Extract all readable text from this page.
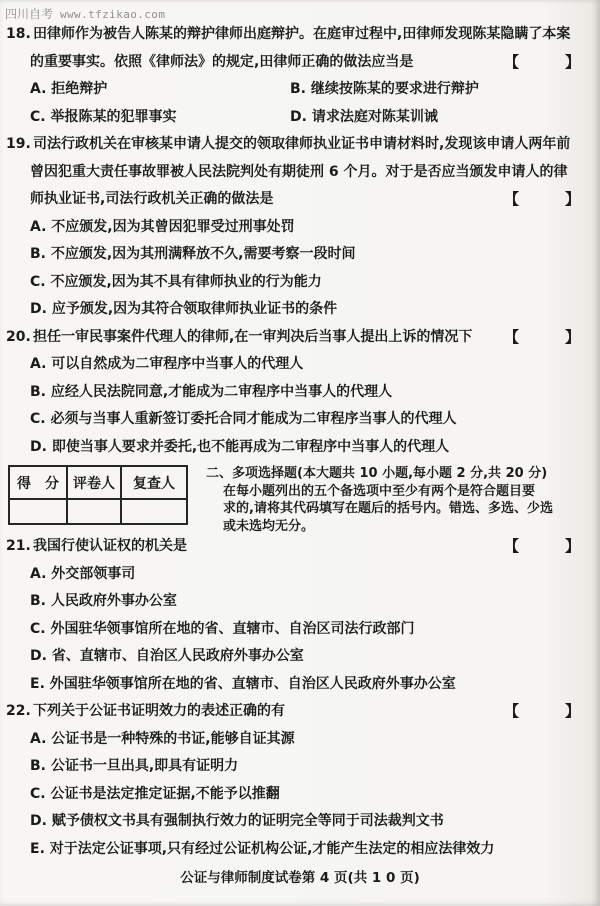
四川自考 www.tfzikao.com
18. 田律师作为被告人陈某的辩护律师出庭辩护。在庭审过程中,田律师发现陈某隐瞒了本案
的重要事实。依照《律师法》的规定,田律师正确的做法应当是	【	】
A. 拒绝辩护	B. 继续按陈某的要求进行辩护
C. 举报陈某的犯罪事实	D. 请求法庭对陈某训诫
19. 司法行政机关在审核某申请人提交的领取律师执业证书申请材料时,发现该申请人两年前
曾因犯重大责任事故罪被人民法院判处有期徒刑 6 个月。对于是否应当颁发申请人的律
师执业证书,司法行政机关正确的做法是	【	】
A. 不应颁发,因为其曾因犯罪受过刑事处罚
B. 不应颁发,因为其刑满释放不久,需要考察一段时间
C. 不应颁发,因为其不具有律师执业的行为能力
D. 应予颁发,因为其符合领取律师执业证书的条件
20. 担任一审民事案件代理人的律师,在一审判决后当事人提出上诉的情况下	【	】
A. 可以自然成为二审程序中当事人的代理人
B. 应经人民法院同意,才能成为二审程序中当事人的代理人
C. 必须与当事人重新签订委托合同才能成为二审程序当事人的代理人
D. 即使当事人要求并委托,也不能再成为二审程序中当事人的代理人
得　分	评卷人	复查人

二、多项选择题(本大题共 10 小题,每小题 2 分,共 20 分)
在每小题列出的五个备选项中至少有两个是符合题目要
求的,请将其代码填写在题后的括号内。错选、多选、少选
或未选均无分。
21. 我国行使认证权的机关是	【	】
A. 外交部领事司
B. 人民政府外事办公室
C. 外国驻华领事馆所在地的省、直辖市、自治区司法行政部门
D. 省、直辖市、自治区人民政府外事办公室
E. 外国驻华领事馆所在地的省、直辖市、自治区人民政府外事办公室
22. 下列关于公证书证明效力的表述正确的有	【	】
A. 公证书是一种特殊的书证,能够自证其源
B. 公证书一旦出具,即具有证明力
C. 公证书是法定推定证据,不能予以推翻
D. 赋予债权文书具有强制执行效力的证明完全等同于司法裁判文书
E. 对于法定公证事项,只有经过公证机构公证,才能产生法定的相应法律效力
公证与律师制度试卷第 4 页(共 1 0 页)
